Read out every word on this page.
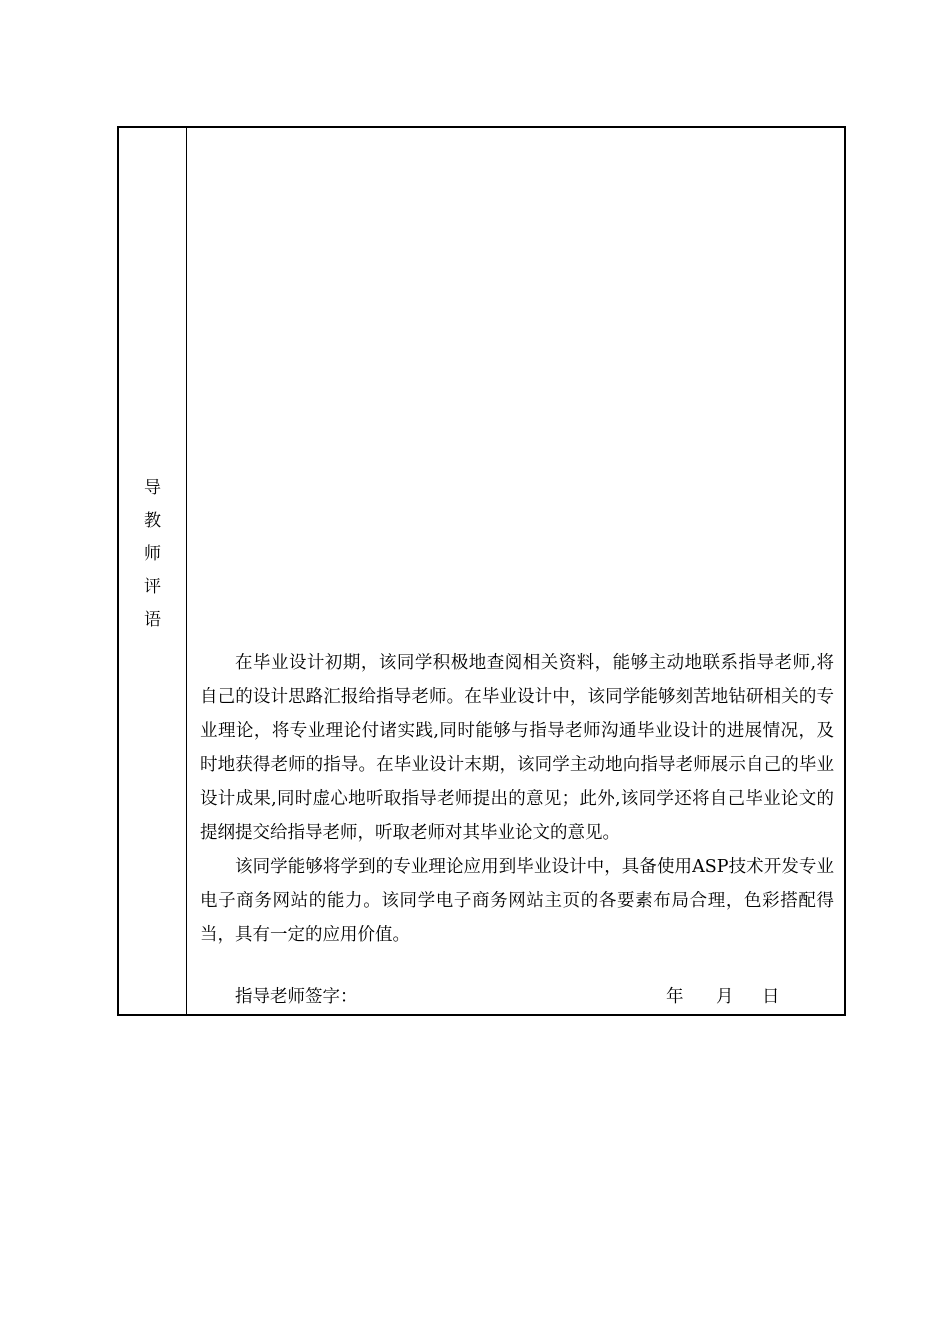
导
教
师
评
语

在毕业设计初期，该同学积极地查阅相关资料，能够主动地联系指导老师,将自己的设计思路汇报给指导老师。在毕业设计中，该同学能够刻苦地钻研相关的专业理论，将专业理论付诸实践,同时能够与指导老师沟通毕业设计的进展情况，及时地获得老师的指导。在毕业设计末期，该同学主动地向指导老师展示自己的毕业设计成果,同时虚心地听取指导老师提出的意见；此外,该同学还将自己毕业论文的提纲提交给指导老师，听取老师对其毕业论文的意见。

该同学能够将学到的专业理论应用到毕业设计中，具备使用ASP技术开发专业电子商务网站的能力。该同学电子商务网站主页的各要素布局合理，色彩搭配得当，具有一定的应用价值。

指导老师签字：	年 月 日
